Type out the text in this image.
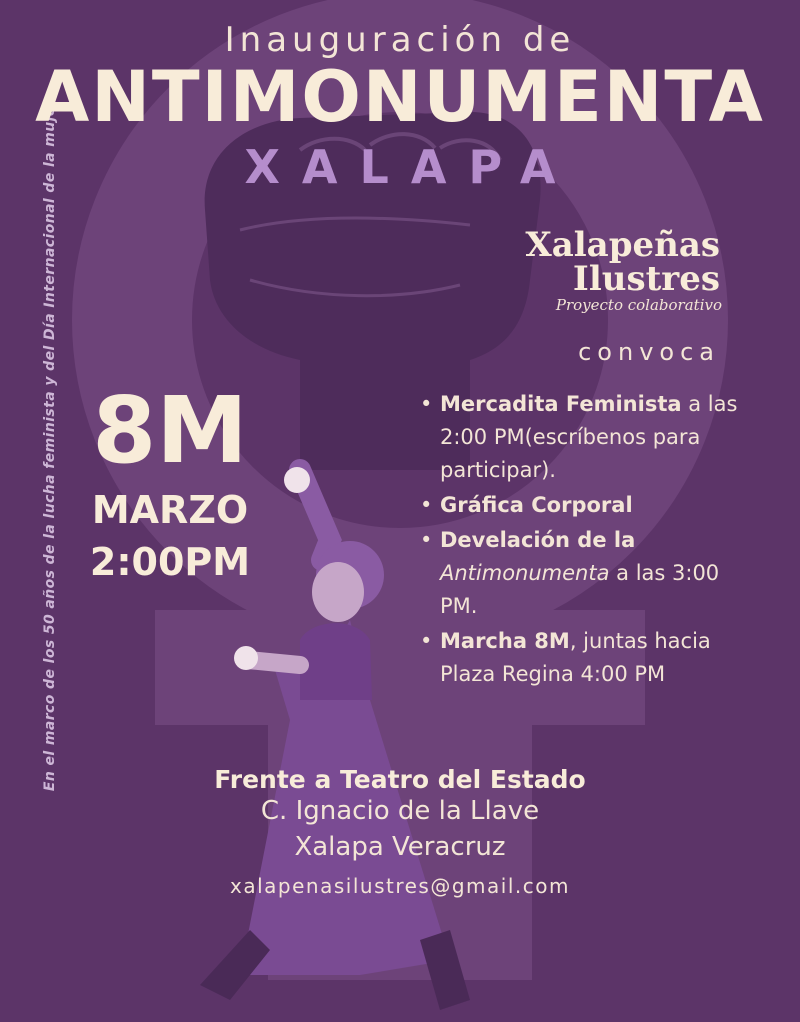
En el marco de los 50 años de la lucha feminista y del Día Internacional de la mujer
Inauguración de
ANTIMONUMENTA
XALAPA
Xalapeñas
Ilustres
Proyecto colaborativo
convoca
8M
MARZO
2:00PM
• Mercadita Feminista a las 2:00 PM(escríbenos para participar).
• Gráfica Corporal
• Develación de la Antimonumenta a las 3:00 PM.
• Marcha 8M, juntas hacia Plaza Regina 4:00 PM
Frente a Teatro del Estado
C. Ignacio de la Llave
Xalapa Veracruz
xalapenasilustres@gmail.com
